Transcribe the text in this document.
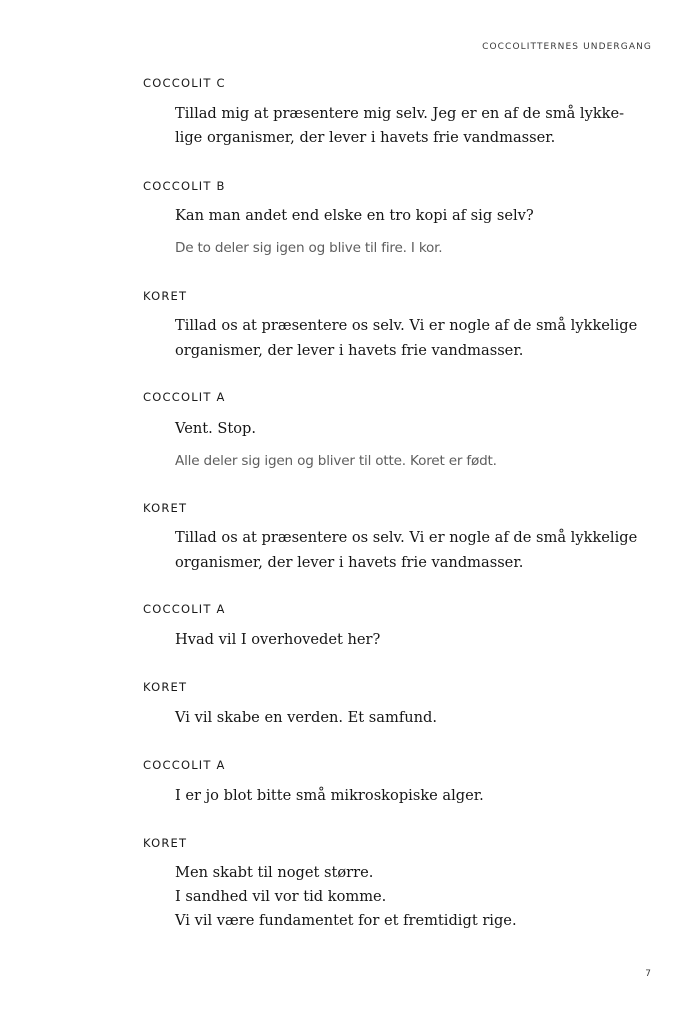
COCCOLITTERNES UNDERGANG
COCCOLIT C
Tillad mig at præsentere mig selv. Jeg er en af de små lykke-
lige organismer, der lever i havets frie vandmasser.
COCCOLIT B
Kan man andet end elske en tro kopi af sig selv?
De to deler sig igen og blive til fire. I kor.
KORET
Tillad os at præsentere os selv. Vi er nogle af de små lykkelige
organismer, der lever i havets frie vandmasser.
COCCOLIT A
Vent. Stop.
Alle deler sig igen og bliver til otte. Koret er født.
KORET
Tillad os at præsentere os selv. Vi er nogle af de små lykkelige
organismer, der lever i havets frie vandmasser.
COCCOLIT A
Hvad vil I overhovedet her?
KORET
Vi vil skabe en verden. Et samfund.
COCCOLIT A
I er jo blot bitte små mikroskopiske alger.
KORET
Men skabt til noget større.
I sandhed vil vor tid komme.
Vi vil være fundamentet for et fremtidigt rige.
7
